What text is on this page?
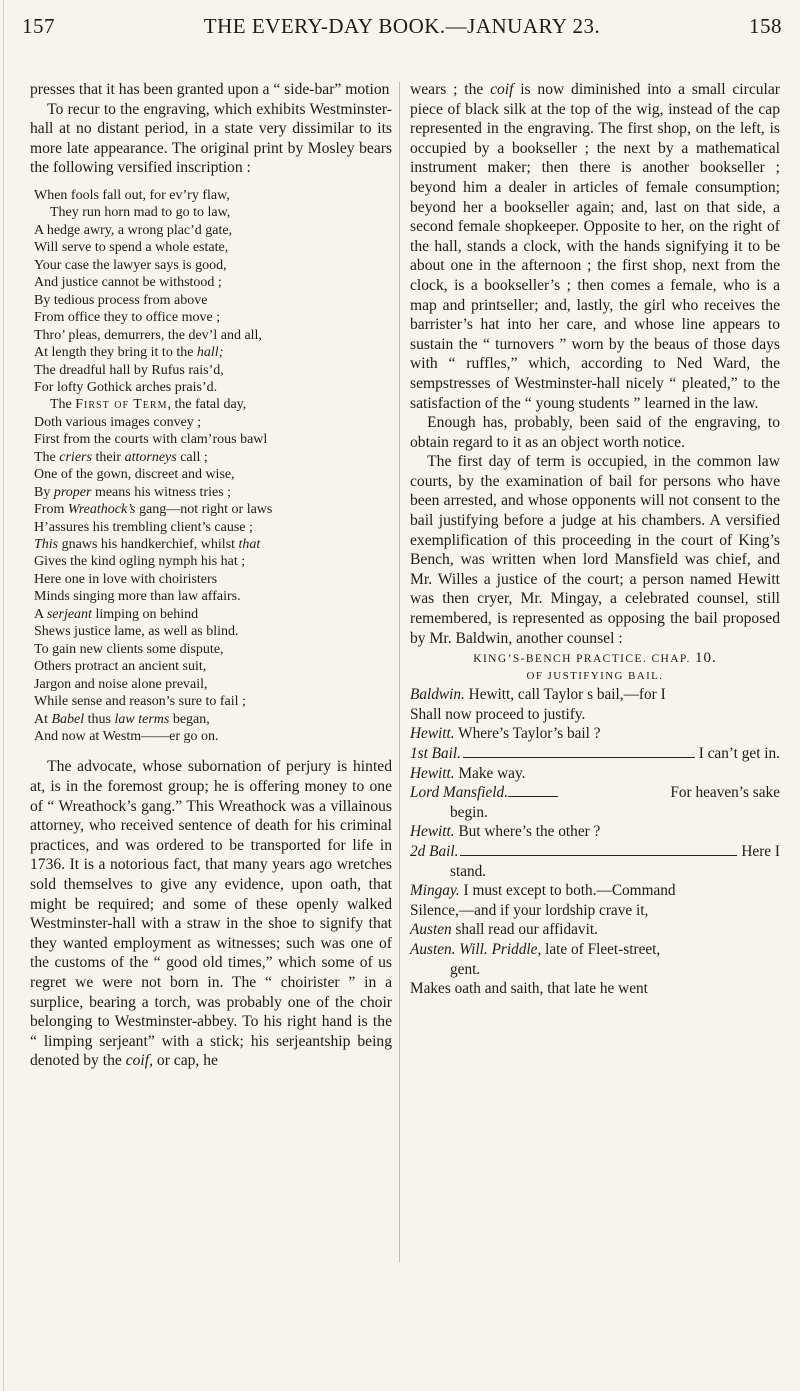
157	THE EVERY-DAY BOOK.—JANUARY 23.	158

presses that it has been granted upon a “ side-bar” motion

To recur to the engraving, which exhibits Westminster-hall at no distant period, in a state very dissimilar to its more late appearance. The original print by Mosley bears the following versified inscription :

When fools fall out, for ev’ry flaw,
They run horn mad to go to law,
A hedge awry, a wrong plac’d gate,
Will serve to spend a whole estate,
Your case the lawyer says is good,
And justice cannot be withstood ;
By tedious process from above
From office they to office move ;
Thro’ pleas, demurrers, the dev’l and all,
At length they bring it to the hall;
The dreadful hall by Rufus rais’d,
For lofty Gothick arches prais’d.
The First of Term, the fatal day,
Doth various images convey ;
First from the courts with clam’rous bawl
The criers their attorneys call ;
One of the gown, discreet and wise,
By proper means his witness tries ;
From Wreathock’s gang—not right or laws
H’assures his trembling client’s cause ;
This gnaws his handkerchief, whilst that
Gives the kind ogling nymph his hat ;
Here one in love with choiristers
Minds singing more than law affairs.
A serjeant limping on behind
Shews justice lame, as well as blind.
To gain new clients some dispute,
Others protract an ancient suit,
Jargon and noise alone prevail,
While sense and reason’s sure to fail ;
At Babel thus law terms began,
And now at Westm——er go on.

The advocate, whose subornation of perjury is hinted at, is in the foremost group; he is offering money to one of “ Wreathock’s gang.” This Wreathock was a villainous attorney, who received sentence of death for his criminal practices, and was ordered to be transported for life in 1736. It is a notorious fact, that many years ago wretches sold themselves to give any evidence, upon oath, that might be required; and some of these openly walked Westminster-hall with a straw in the shoe to signify that they wanted employment as witnesses; such was one of the customs of the “ good old times,” which some of us regret we were not born in. The “ choirister ” in a surplice, bearing a torch, was probably one of the choir belonging to Westminster-abbey. To his right hand is the “ limping serjeant” with a stick; his serjeantship being denoted by the coif, or cap, he

wears ; the coif is now diminished into a small circular piece of black silk at the top of the wig, instead of the cap represented in the engraving. The first shop, on the left, is occupied by a bookseller ; the next by a mathematical instrument maker; then there is another bookseller ; beyond him a dealer in articles of female consumption; beyond her a bookseller again; and, last on that side, a second female shopkeeper. Opposite to her, on the right of the hall, stands a clock, with the hands signifying it to be about one in the afternoon ; the first shop, next from the clock, is a bookseller’s ; then comes a female, who is a map and printseller; and, lastly, the girl who receives the barrister’s hat into her care, and whose line appears to sustain the “ turnovers ” worn by the beaus of those days with “ ruffles,” which, according to Ned Ward, the sempstresses of Westminster-hall nicely “ pleated,” to the satisfaction of the “ young students ” learned in the law.

Enough has, probably, been said of the engraving, to obtain regard to it as an object worth notice.

The first day of term is occupied, in the common law courts, by the examination of bail for persons who have been arrested, and whose opponents will not consent to the bail justifying before a judge at his chambers. A versified exemplification of this proceeding in the court of King’s Bench, was written when lord Mansfield was chief, and Mr. Willes a justice of the court; a person named Hewitt was then cryer, Mr. Mingay, a celebrated counsel, still remembered, is represented as opposing the bail proposed by Mr. Baldwin, another counsel :

KING’S-BENCH PRACTICE. CHAP. 10.
OF JUSTIFYING BAIL.
Baldwin. Hewitt, call Taylor s bail,—for I
Shall now proceed to justify.
Hewitt. Where’s Taylor’s bail ?
1st Bail.	I can’t get in.
Hewitt. Make way.
Lord Mansfield.	For heaven’s sake
begin.
Hewitt. But where’s the other ?
2d Bail.	Here I
stand.
Mingay. I must except to both.—Command
Silence,—and if your lordship crave it,
Austen shall read our affidavit.
Austen. Will. Priddle, late of Fleet-street,
gent.
Makes oath and saith, that late he went
